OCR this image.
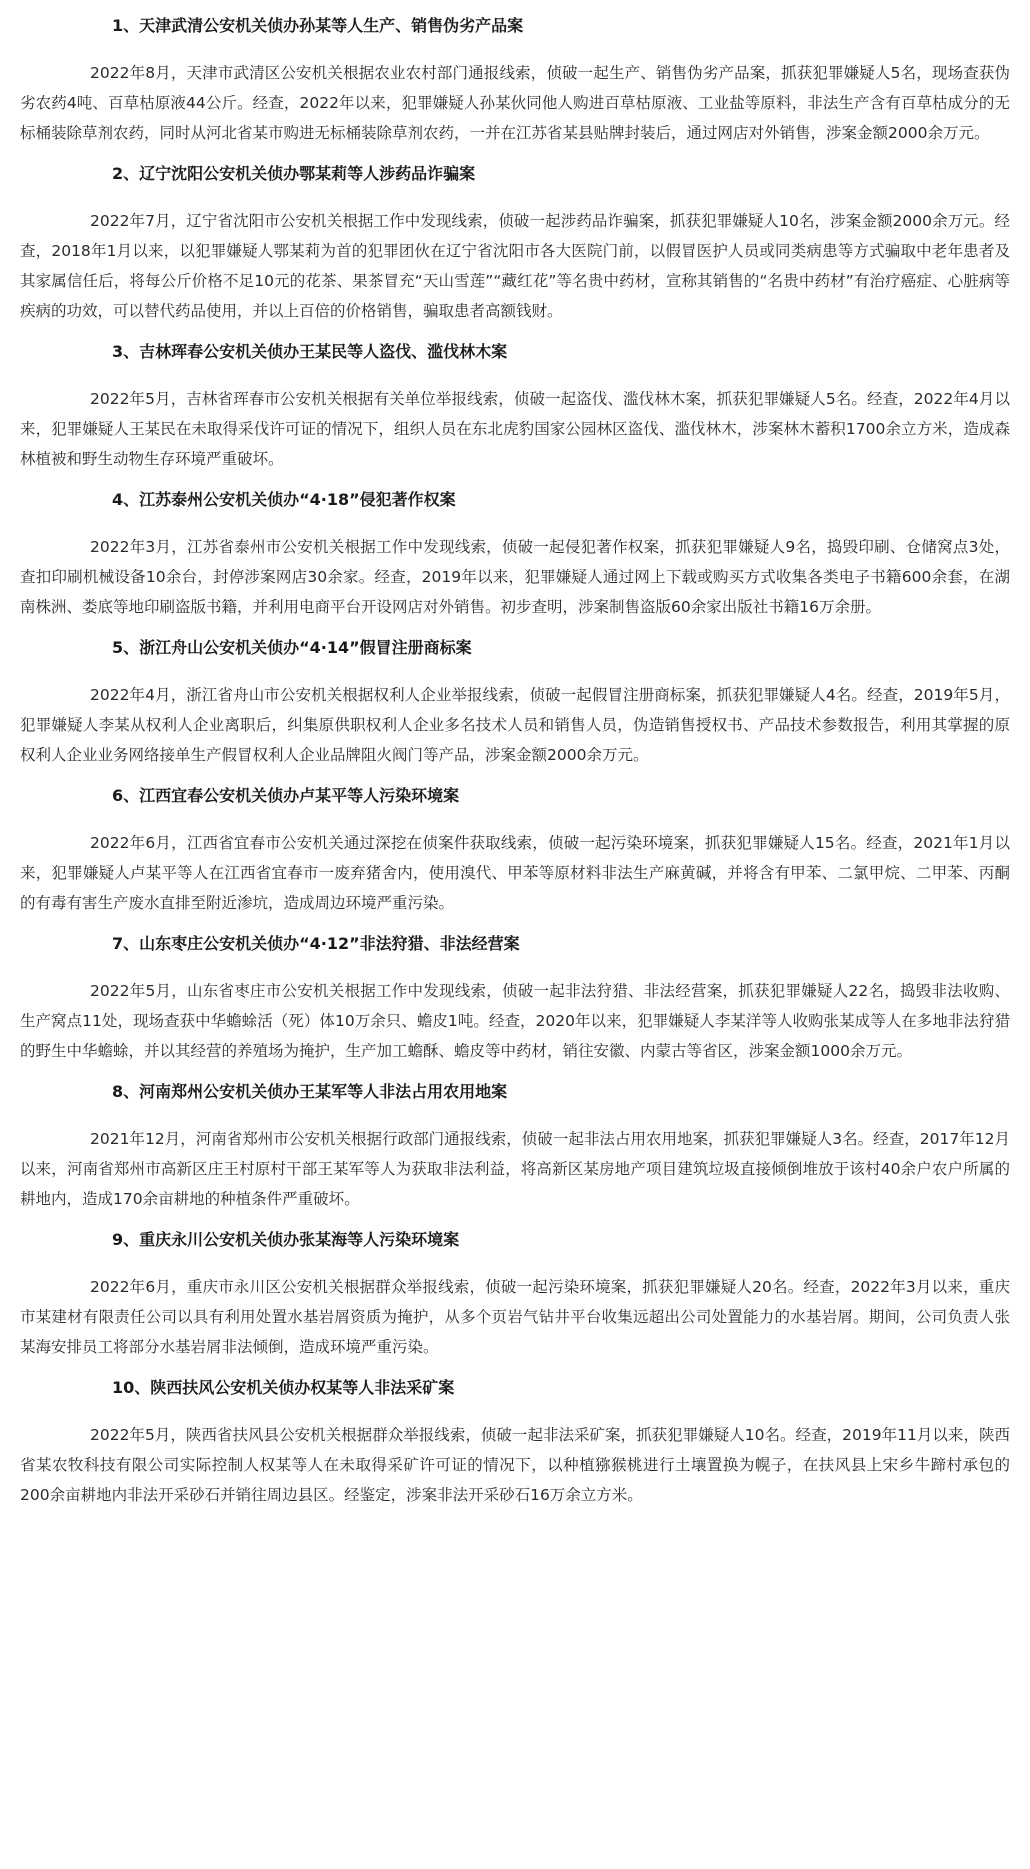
1、天津武清公安机关侦办孙某等人生产、销售伪劣产品案

2022年8月，天津市武清区公安机关根据农业农村部门通报线索，侦破一起生产、销售伪劣产品案，抓获犯罪嫌疑人5名，现场查获伪劣农药4吨、百草枯原液44公斤。经查，2022年以来，犯罪嫌疑人孙某伙同他人购进百草枯原液、工业盐等原料，非法生产含有百草枯成分的无标桶装除草剂农药，同时从河北省某市购进无标桶装除草剂农药，一并在江苏省某县贴牌封装后，通过网店对外销售，涉案金额2000余万元。

2、辽宁沈阳公安机关侦办鄂某莉等人涉药品诈骗案

2022年7月，辽宁省沈阳市公安机关根据工作中发现线索，侦破一起涉药品诈骗案，抓获犯罪嫌疑人10名，涉案金额2000余万元。经查，2018年1月以来，以犯罪嫌疑人鄂某莉为首的犯罪团伙在辽宁省沈阳市各大医院门前，以假冒医护人员或同类病患等方式骗取中老年患者及其家属信任后，将每公斤价格不足10元的花茶、果茶冒充“天山雪莲”“藏红花”等名贵中药材，宣称其销售的“名贵中药材”有治疗癌症、心脏病等疾病的功效，可以替代药品使用，并以上百倍的价格销售，骗取患者高额钱财。

3、吉林珲春公安机关侦办王某民等人盗伐、滥伐林木案

2022年5月，吉林省珲春市公安机关根据有关单位举报线索，侦破一起盗伐、滥伐林木案，抓获犯罪嫌疑人5名。经查，2022年4月以来，犯罪嫌疑人王某民在未取得采伐许可证的情况下，组织人员在东北虎豹国家公园林区盗伐、滥伐林木，涉案林木蓄积1700余立方米，造成森林植被和野生动物生存环境严重破坏。

4、江苏泰州公安机关侦办“4·18”侵犯著作权案

2022年3月，江苏省泰州市公安机关根据工作中发现线索，侦破一起侵犯著作权案，抓获犯罪嫌疑人9名，捣毁印刷、仓储窝点3处，查扣印刷机械设备10余台，封停涉案网店30余家。经查，2019年以来，犯罪嫌疑人通过网上下载或购买方式收集各类电子书籍600余套，在湖南株洲、娄底等地印刷盗版书籍，并利用电商平台开设网店对外销售。初步查明，涉案制售盗版60余家出版社书籍16万余册。

5、浙江舟山公安机关侦办“4·14”假冒注册商标案

2022年4月，浙江省舟山市公安机关根据权利人企业举报线索，侦破一起假冒注册商标案，抓获犯罪嫌疑人4名。经查，2019年5月，犯罪嫌疑人李某从权利人企业离职后，纠集原供职权利人企业多名技术人员和销售人员，伪造销售授权书、产品技术参数报告，利用其掌握的原权利人企业业务网络接单生产假冒权利人企业品牌阻火阀门等产品，涉案金额2000余万元。

6、江西宜春公安机关侦办卢某平等人污染环境案

2022年6月，江西省宜春市公安机关通过深挖在侦案件获取线索，侦破一起污染环境案，抓获犯罪嫌疑人15名。经查，2021年1月以来，犯罪嫌疑人卢某平等人在江西省宜春市一废弃猪舍内，使用溴代、甲苯等原材料非法生产麻黄碱，并将含有甲苯、二氯甲烷、二甲苯、丙酮的有毒有害生产废水直排至附近渗坑，造成周边环境严重污染。

7、山东枣庄公安机关侦办“4·12”非法狩猎、非法经营案

2022年5月，山东省枣庄市公安机关根据工作中发现线索，侦破一起非法狩猎、非法经营案，抓获犯罪嫌疑人22名，捣毁非法收购、生产窝点11处，现场查获中华蟾蜍活（死）体10万余只、蟾皮1吨。经查，2020年以来，犯罪嫌疑人李某洋等人收购张某成等人在多地非法狩猎的野生中华蟾蜍，并以其经营的养殖场为掩护，生产加工蟾酥、蟾皮等中药材，销往安徽、内蒙古等省区，涉案金额1000余万元。

8、河南郑州公安机关侦办王某军等人非法占用农用地案

2021年12月，河南省郑州市公安机关根据行政部门通报线索，侦破一起非法占用农用地案，抓获犯罪嫌疑人3名。经查，2017年12月以来，河南省郑州市高新区庄王村原村干部王某军等人为获取非法利益，将高新区某房地产项目建筑垃圾直接倾倒堆放于该村40余户农户所属的耕地内，造成170余亩耕地的种植条件严重破坏。

9、重庆永川公安机关侦办张某海等人污染环境案

2022年6月，重庆市永川区公安机关根据群众举报线索，侦破一起污染环境案，抓获犯罪嫌疑人20名。经查，2022年3月以来，重庆市某建材有限责任公司以具有利用处置水基岩屑资质为掩护，从多个页岩气钻井平台收集远超出公司处置能力的水基岩屑。期间，公司负责人张某海安排员工将部分水基岩屑非法倾倒，造成环境严重污染。

10、陕西扶风公安机关侦办权某等人非法采矿案

2022年5月，陕西省扶风县公安机关根据群众举报线索，侦破一起非法采矿案，抓获犯罪嫌疑人10名。经查，2019年11月以来，陕西省某农牧科技有限公司实际控制人权某等人在未取得采矿许可证的情况下，以种植猕猴桃进行土壤置换为幌子，在扶风县上宋乡牛蹄村承包的200余亩耕地内非法开采砂石并销往周边县区。经鉴定，涉案非法开采砂石16万余立方米。
